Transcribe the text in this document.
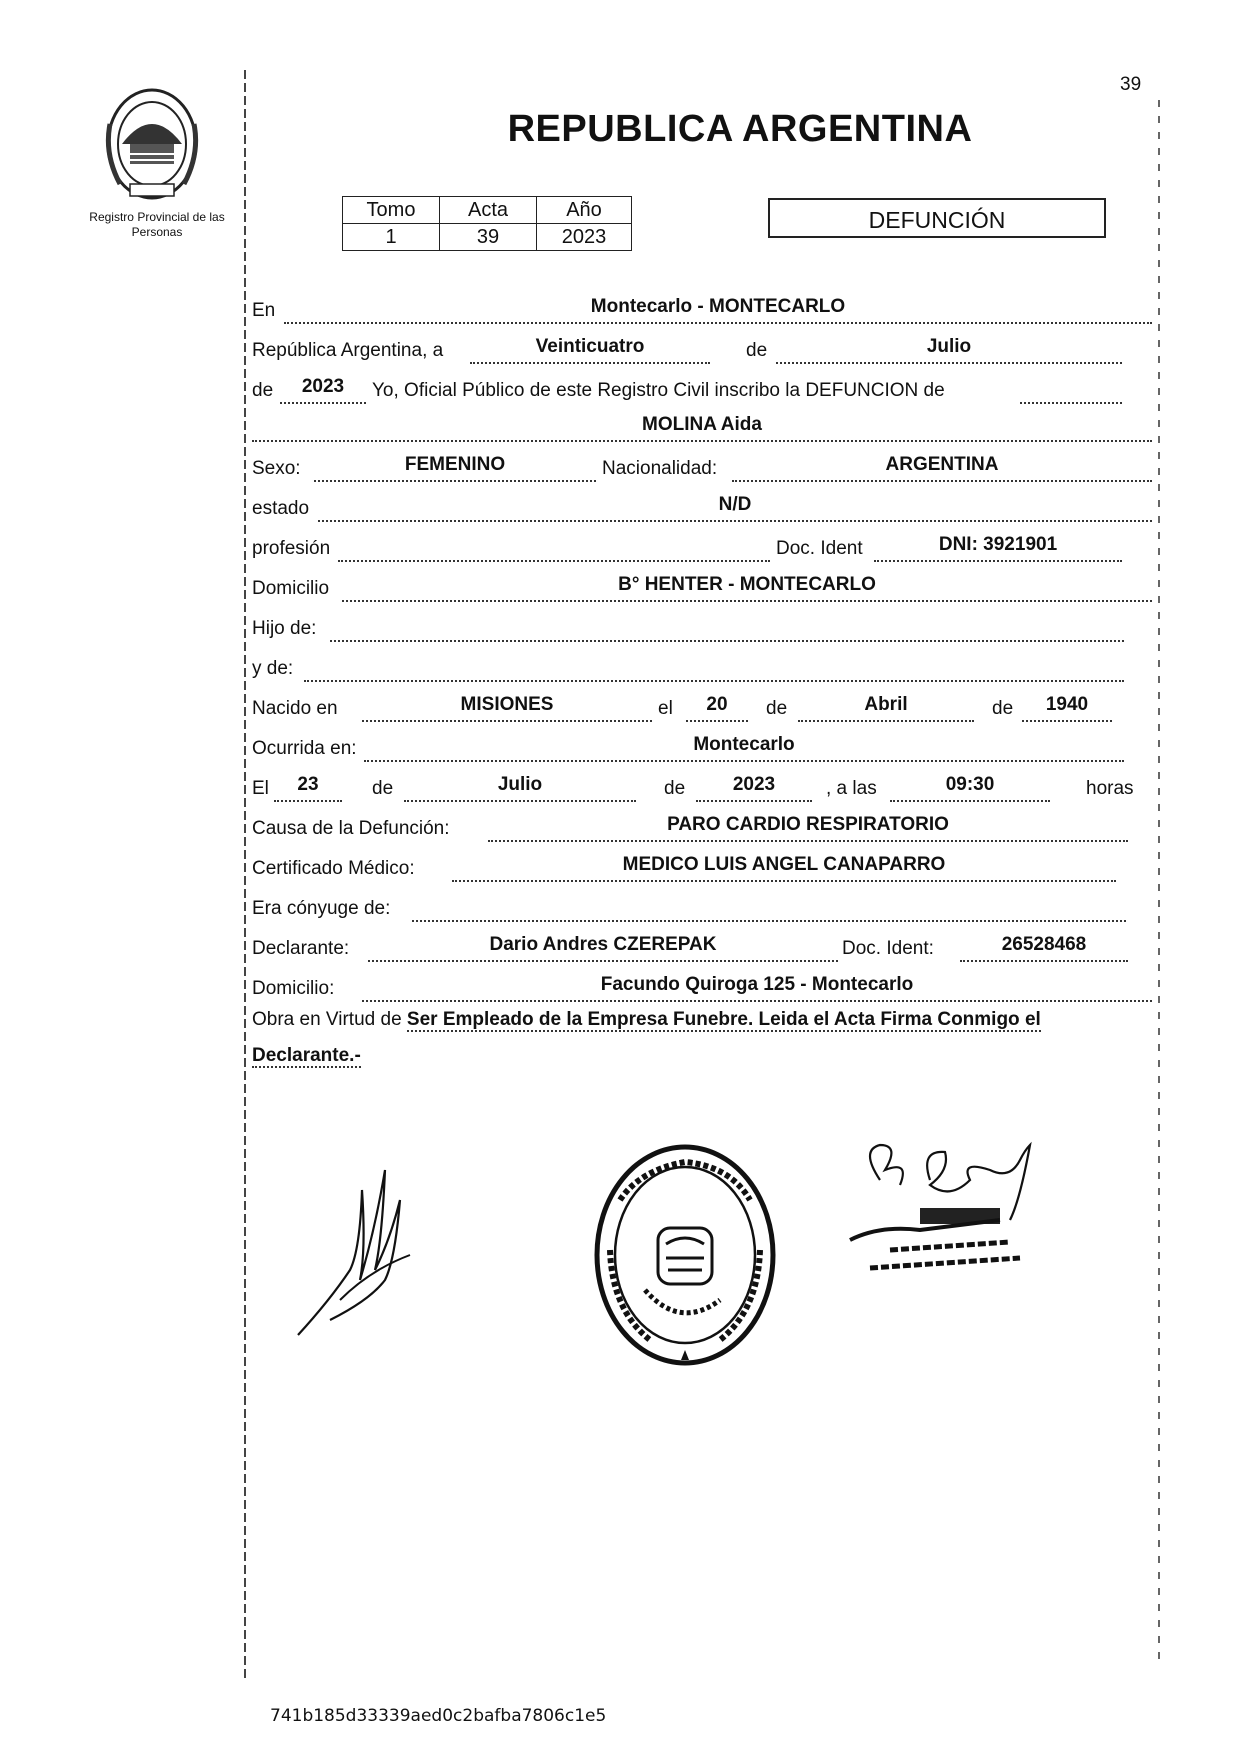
39
Registro Provincial de las Personas
REPUBLICA ARGENTINA
Tomo	Acta	Año
1	39	2023
DEFUNCIÓN
En	Montecarlo - MONTECARLO
República Argentina, a	Veinticuatro	de	Julio
de	2023	Yo, Oficial Público de este Registro Civil inscribo la DEFUNCION de
MOLINA Aida
Sexo:	FEMENINO	Nacionalidad:	ARGENTINA
estado	N/D
profesión	Doc. Ident	DNI: 3921901
Domicilio	B° HENTER - MONTECARLO
Hijo de:
y de:
Nacido en	MISIONES	el	20	de	Abril	de	1940
Ocurrida en:	Montecarlo
El	23	de	Julio	de	2023	, a las	09:30	horas
Causa de la Defunción:	PARO CARDIO RESPIRATORIO
Certificado Médico:	MEDICO LUIS ANGEL CANAPARRO
Era cónyuge de:
Declarante:	Dario Andres CZEREPAK	Doc. Ident:	26528468
Domicilio:	Facundo Quiroga 125 - Montecarlo
Obra en Virtud de Ser Empleado de la Empresa Funebre. Leida el Acta Firma Conmigo el
Declarante.-
741b185d33339aed0c2bafba7806c1e5
